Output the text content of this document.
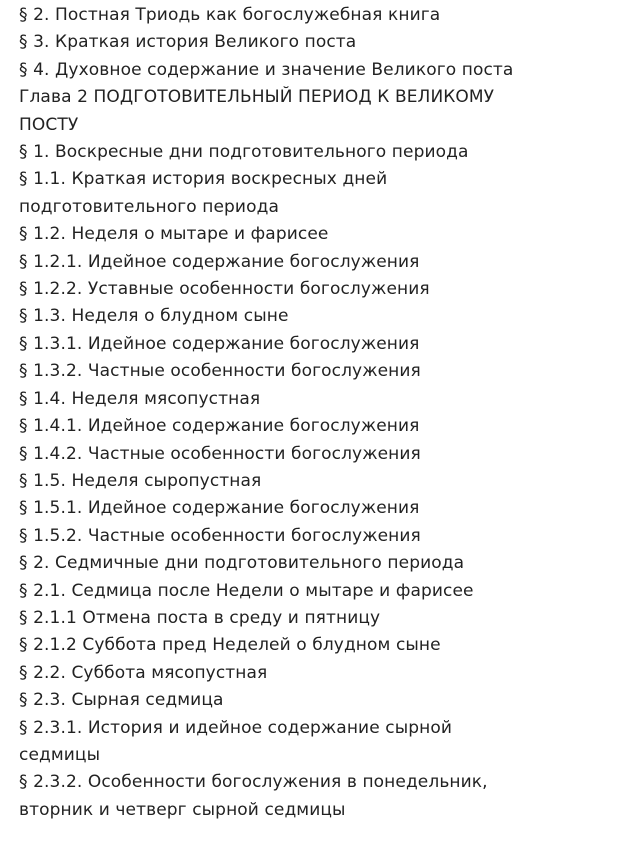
§ 2. Постная Триодь как богослужебная книга
§ 3. Краткая история Великого поста
§ 4. Духовное содержание и значение Великого поста
Глава 2 ПОДГОТОВИТЕЛЬНЫЙ ПЕРИОД К ВЕЛИКОМУ ПОСТУ
§ 1. Воскресные дни подготовительного периода
§ 1.1. Краткая история воскресных дней подготовительного периода
§ 1.2. Неделя о мытаре и фарисее
§ 1.2.1. Идейное содержание богослужения
§ 1.2.2. Уставные особенности богослужения
§ 1.3. Неделя о блудном сыне
§ 1.3.1. Идейное содержание богослужения
§ 1.3.2. Частные особенности богослужения
§ 1.4. Неделя мясопустная
§ 1.4.1. Идейное содержание богослужения
§ 1.4.2. Частные особенности богослужения
§ 1.5. Неделя сыропустная
§ 1.5.1. Идейное содержание богослужения
§ 1.5.2. Частные особенности богослужения
§ 2. Седмичные дни подготовительного периода
§ 2.1. Седмица после Недели о мытаре и фарисее
§ 2.1.1 Отмена поста в среду и пятницу
§ 2.1.2 Суббота пред Неделей о блудном сыне
§ 2.2. Суббота мясопустная
§ 2.3. Сырная седмица
§ 2.3.1. История и идейное содержание сырной седмицы
§ 2.3.2. Особенности богослужения в понедельник, вторник и четверг сырной седмицы
